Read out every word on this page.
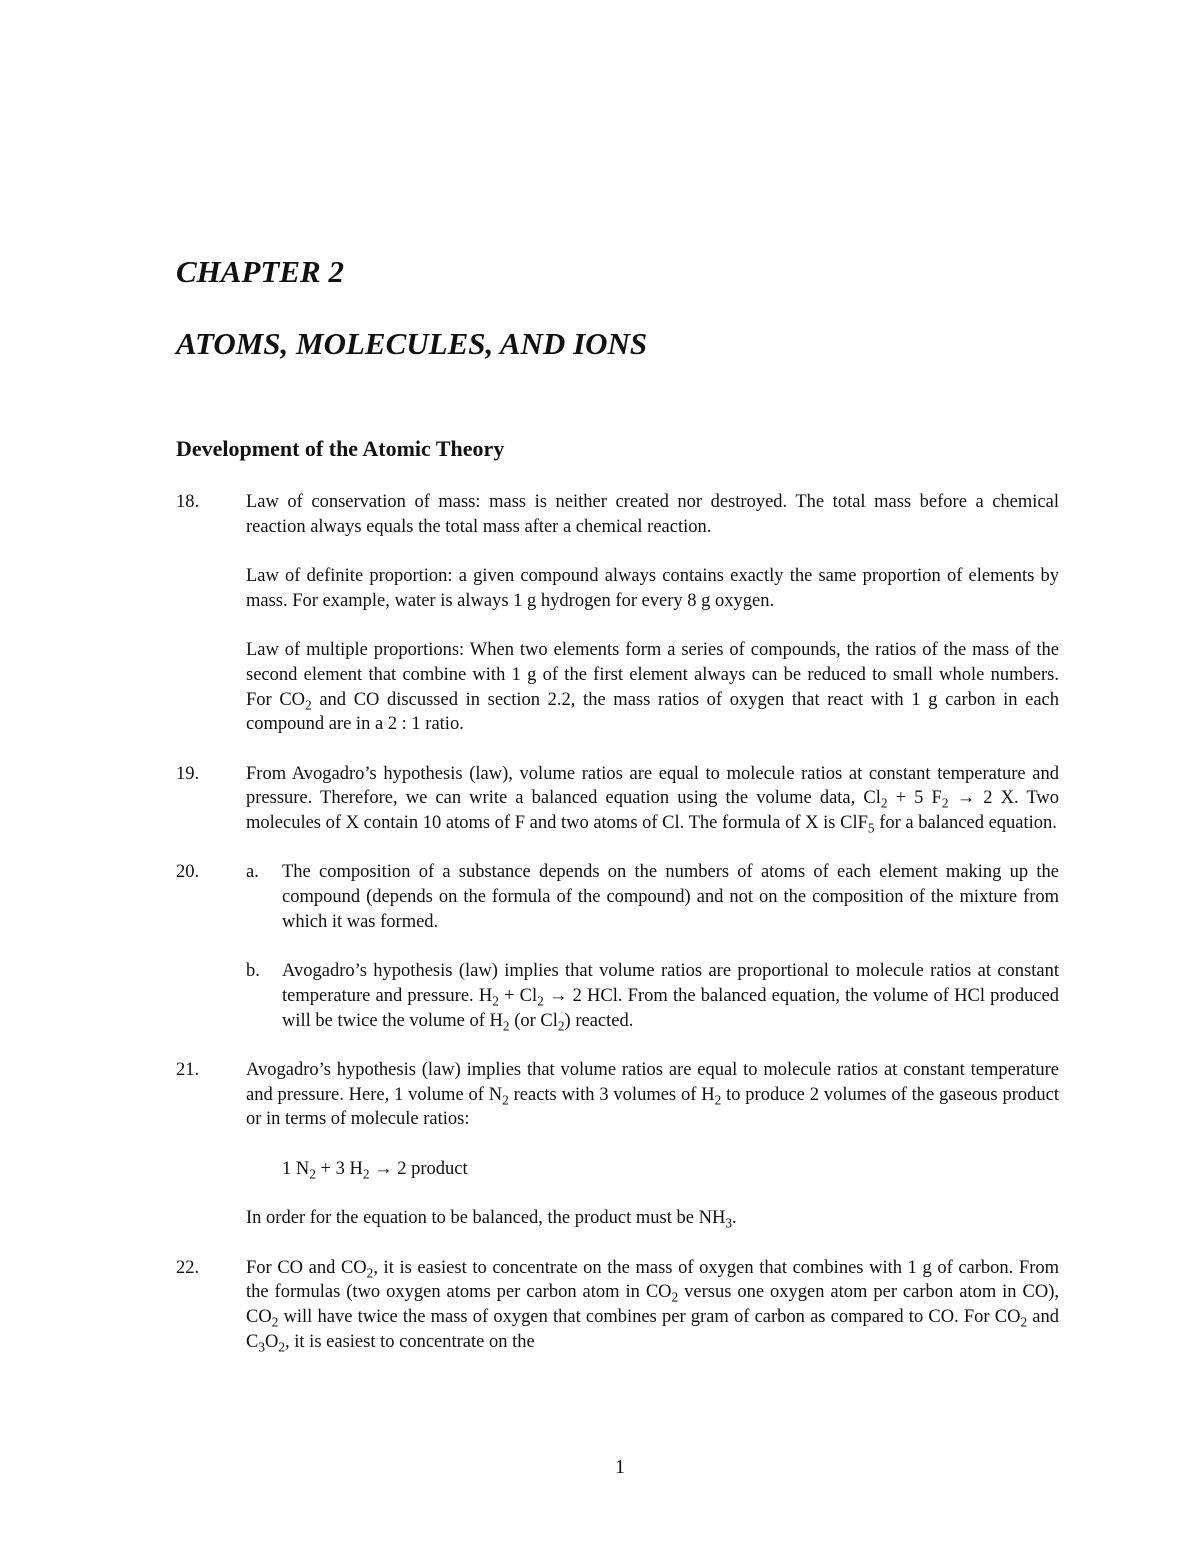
CHAPTER 2
ATOMS, MOLECULES, AND IONS
Development of the Atomic Theory
18.	Law of conservation of mass: mass is neither created nor destroyed. The total mass before a chemical reaction always equals the total mass after a chemical reaction.

Law of definite proportion: a given compound always contains exactly the same proportion of elements by mass. For example, water is always 1 g hydrogen for every 8 g oxygen.

Law of multiple proportions: When two elements form a series of compounds, the ratios of the mass of the second element that combine with 1 g of the first element always can be reduced to small whole numbers. For $CO_2$ and CO discussed in section 2.2, the mass ratios of oxygen that react with 1 g carbon in each compound are in a 2 : 1 ratio.

19.	From Avogadro’s hypothesis (law), volume ratios are equal to molecule ratios at constant temperature and pressure. Therefore, we can write a balanced equation using the volume data, $Cl_2 + 5$ $F_2 \to 2$ X. Two molecules of X contain 10 atoms of F and two atoms of Cl. The formula of X is ClF$_5$ for a balanced equation.

20.	a.	The composition of a substance depends on the numbers of atoms of each element making up the compound (depends on the formula of the compound) and not on the composition of the mixture from which it was formed.
b.	Avogadro’s hypothesis (law) implies that volume ratios are proportional to molecule ratios at constant temperature and pressure. $H_2 + Cl_2 \to 2$ HCl. From the balanced equation, the volume of HCl produced will be twice the volume of $H_2$ (or $Cl_2$) reacted.
21.	Avogadro’s hypothesis (law) implies that volume ratios are equal to molecule ratios at constant temperature and pressure. Here, 1 volume of $N_2$ reacts with 3 volumes of $H_2$ to produce 2 volumes of the gaseous product or in terms of molecule ratios:

1 $N_2 + 3$ $H_2 \to 2$ product

In order for the equation to be balanced, the product must be $NH_3$.

22.	For CO and $CO_2$, it is easiest to concentrate on the mass of oxygen that combines with 1 g of carbon. From the formulas (two oxygen atoms per carbon atom in $CO_2$ versus one oxygen atom per carbon atom in CO), $CO_2$ will have twice the mass of oxygen that combines per gram of carbon as compared to CO. For $CO_2$ and $C_3O_2$, it is easiest to concentrate on the

1
